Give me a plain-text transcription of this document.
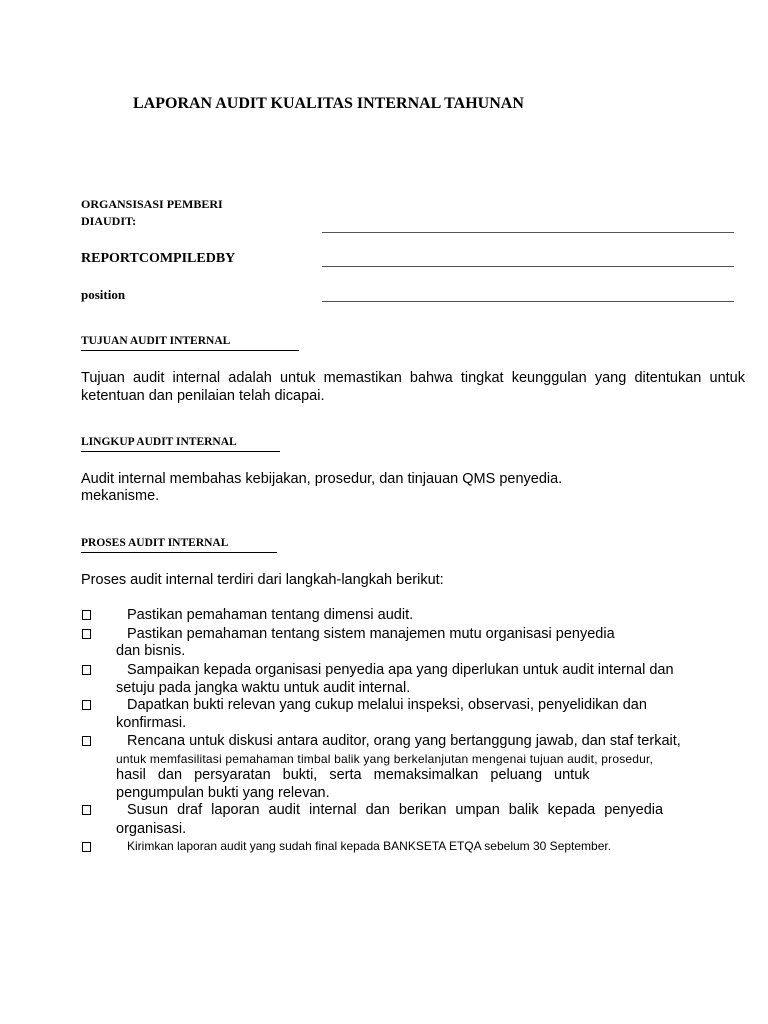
LAPORAN AUDIT KUALITAS INTERNAL TAHUNAN
ORGANSISASI PEMBERI
DIAUDIT:
REPORTCOMPILEDBY
position
TUJUAN AUDIT INTERNAL
Tujuan audit internal adalah untuk memastikan bahwa tingkat keunggulan yang ditentukan untuk ketentuan dan penilaian telah dicapai.
LINGKUP AUDIT INTERNAL
Audit internal membahas kebijakan, prosedur, dan tinjauan QMS penyedia.
mekanisme.
PROSES AUDIT INTERNAL
Proses audit internal terdiri dari langkah-langkah berikut:
Pastikan pemahaman tentang dimensi audit.
Pastikan pemahaman tentang sistem manajemen mutu organisasi penyedia
dan bisnis.
Sampaikan kepada organisasi penyedia apa yang diperlukan untuk audit internal dan
setuju pada jangka waktu untuk audit internal.
Dapatkan bukti relevan yang cukup melalui inspeksi, observasi, penyelidikan dan
konfirmasi.
Rencana untuk diskusi antara auditor, orang yang bertanggung jawab, dan staf terkait,
untuk memfasilitasi pemahaman timbal balik yang berkelanjutan mengenai tujuan audit, prosedur,
hasil dan persyaratan bukti, serta memaksimalkan peluang untuk
pengumpulan bukti yang relevan.
Susun draf laporan audit internal dan berikan umpan balik kepada penyedia
organisasi.
Kirimkan laporan audit yang sudah final kepada BANKSETA ETQA sebelum 30 September.
